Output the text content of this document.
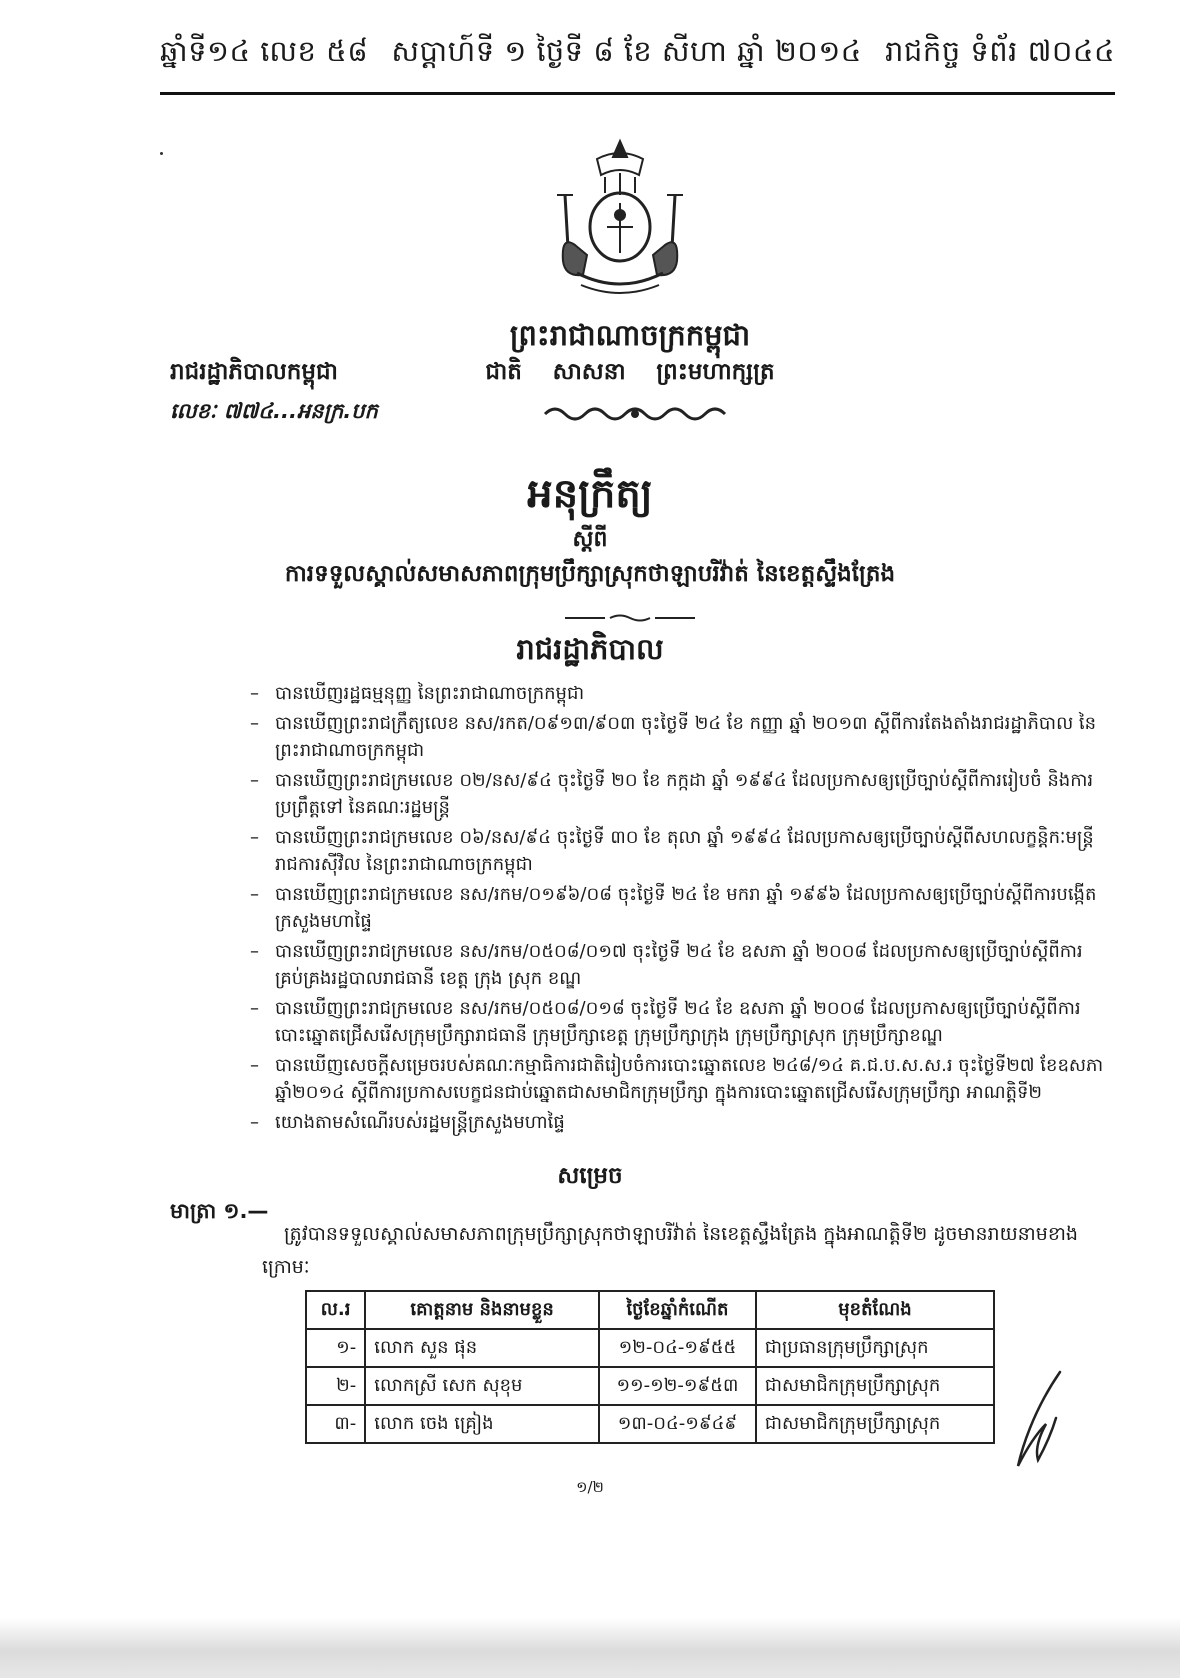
ឆ្នាំទី១៤ លេខ ៥៨ សប្តាហ៍ទី ១ ថ្ងៃទី ៨ ខែ សីហា ឆ្នាំ ២០១៤ រាជកិច្ច ទំព័រ ៧០៤៤
ព្រះរាជាណាចក្រកម្ពុជា
រាជរដ្ឋាភិបាលកម្ពុជា	ជាតិ សាសនា ព្រះមហាក្សត្រ
លេខៈ ៧៧៤...អនក្រ.បក
អនុក្រឹត្យ
ស្តីពី
ការទទួលស្គាល់សមាសភាពក្រុមប្រឹក្សាស្រុកថាឡាបរិវ៉ាត់ នៃខេត្តស្ទឹងត្រែង
រាជរដ្ឋាភិបាល
– បានឃើញរដ្ឋធម្មនុញ្ញ នៃព្រះរាជាណាចក្រកម្ពុជា
– បានឃើញព្រះរាជក្រឹត្យលេខ នស/រកត/០៩១៣/៩០៣ ចុះថ្ងៃទី ២៤ ខែ កញ្ញា ឆ្នាំ ២០១៣ ស្តីពីការតែងតាំងរាជរដ្ឋាភិបាល នៃព្រះរាជាណាចក្រកម្ពុជា
– បានឃើញព្រះរាជក្រមលេខ ០២/នស/៩៤ ចុះថ្ងៃទី ២០ ខែ កក្កដា ឆ្នាំ ១៩៩៤ ដែលប្រកាសឲ្យប្រើច្បាប់ស្តីពីការរៀបចំ និងការប្រព្រឹត្តទៅ នៃគណៈរដ្ឋមន្ត្រី
– បានឃើញព្រះរាជក្រមលេខ ០៦/នស/៩៤ ចុះថ្ងៃទី ៣០ ខែ តុលា ឆ្នាំ ១៩៩៤ ដែលប្រកាសឲ្យប្រើច្បាប់ស្តីពីសហលក្ខន្តិកៈមន្ត្រីរាជការស៊ីវិល នៃព្រះរាជាណាចក្រកម្ពុជា
– បានឃើញព្រះរាជក្រមលេខ នស/រកម/០១៩៦/០៨ ចុះថ្ងៃទី ២៤ ខែ មករា ឆ្នាំ ១៩៩៦ ដែលប្រកាសឲ្យប្រើច្បាប់ស្តីពីការបង្កើតក្រសួងមហាផ្ទៃ
– បានឃើញព្រះរាជក្រមលេខ នស/រកម/០៥០៨/០១៧ ចុះថ្ងៃទី ២៤ ខែ ឧសភា ឆ្នាំ ២០០៨ ដែលប្រកាសឲ្យប្រើច្បាប់ស្តីពីការគ្រប់គ្រងរដ្ឋបាលរាជធានី ខេត្ត ក្រុង ស្រុក ខណ្ឌ
– បានឃើញព្រះរាជក្រមលេខ នស/រកម/០៥០៨/០១៨ ចុះថ្ងៃទី ២៤ ខែ ឧសភា ឆ្នាំ ២០០៨ ដែលប្រកាសឲ្យប្រើច្បាប់ស្តីពីការបោះឆ្នោតជ្រើសរើសក្រុមប្រឹក្សារាជធានី ក្រុមប្រឹក្សាខេត្ត ក្រុមប្រឹក្សាក្រុង ក្រុមប្រឹក្សាស្រុក ក្រុមប្រឹក្សាខណ្ឌ
– បានឃើញសេចក្តីសម្រេចរបស់គណៈកម្មាធិការជាតិរៀបចំការបោះឆ្នោតលេខ ២៤៨/១៤ គ.ជ.ប.ស.ស.រ ចុះថ្ងៃទី២៧ ខែឧសភា ឆ្នាំ២០១៤ ស្តីពីការប្រកាសបេក្ខជនជាប់ឆ្នោតជាសមាជិកក្រុមប្រឹក្សា ក្នុងការបោះឆ្នោតជ្រើសរើសក្រុមប្រឹក្សា អាណត្តិទី២
– យោងតាមសំណើរបស់រដ្ឋមន្ត្រីក្រសួងមហាផ្ទៃ
សម្រេច
មាត្រា ១.—
ត្រូវបានទទួលស្គាល់សមាសភាពក្រុមប្រឹក្សាស្រុកថាឡាបរិវ៉ាត់ នៃខេត្តស្ទឹងត្រែង ក្នុងអាណត្តិទី២ ដូចមានរាយនាមខាងក្រោមៈ
ល.រ	គោត្តនាម និងនាមខ្លួន	ថ្ងៃខែឆ្នាំកំណើត	មុខតំណែង
១-	លោក សួន ផុន	១២-០៤-១៩៥៥	ជាប្រធានក្រុមប្រឹក្សាស្រុក
២-	លោកស្រី សេក សុខុម	១១-១២-១៩៥៣	ជាសមាជិកក្រុមប្រឹក្សាស្រុក
៣-	លោក ចេង គ្រៀង	១៣-០៤-១៩៤៩	ជាសមាជិកក្រុមប្រឹក្សាស្រុក
១/២
